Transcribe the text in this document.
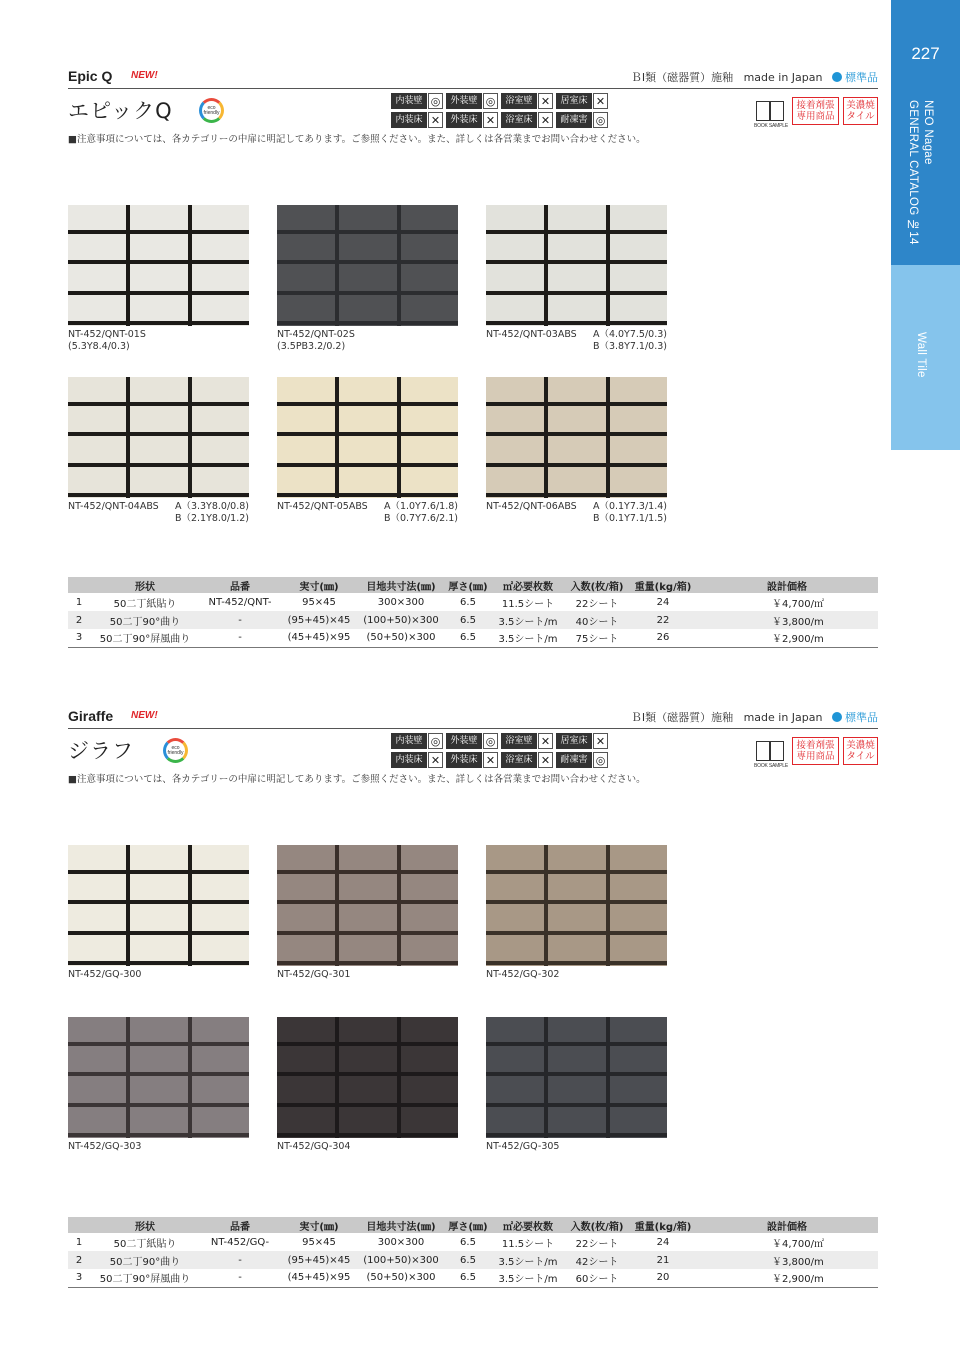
227
NEO Nagae
GENERAL CATALOG №14
Wall Tile
Epic Q NEW!	ＢⅠ類（磁器質）施釉 made in Japan 標準品
エピックQ	eco friendly
内装壁 ◎	外装壁 ◎	浴室壁 ✕	居室床 ✕
内装床 ✕	外装床 ✕	浴室床 ✕	耐凍害 ◎	BOOK SAMPLE
接着剤張
専用商品
美濃焼
タイル
■注意事項については、各カテゴリーの中扉に明記してあります。ご参照ください。また、詳しくは各営業までお問い合わせください。
NT-452/QNT-01S
(5.3Y8.4/0.3)
NT-452/QNT-02S
(3.5PB3.2/0.2)
NT-452/QNT-03ABS A（4.0Y7.5/0.3)
B（3.8Y7.1/0.3)
NT-452/QNT-04ABS A（3.3Y8.0/0.8)
B（2.1Y8.0/1.2)
NT-452/QNT-05ABS A（1.0Y7.6/1.8)
B（0.7Y7.6/2.1)
NT-452/QNT-06ABS A（0.1Y7.3/1.4)
B（0.1Y7.1/1.5)
	形状	品番	実寸(㎜)	目地共寸法(㎜)	厚さ(㎜)	㎡必要枚数	入数(枚/箱)	重量(kg/箱)	設計価格
1	50二丁紙貼り	NT-452/QNT-	95×45	300×300	6.5	11.5シート	22シート	24	￥4,700/㎡
2	50二丁90°曲り	-	(95+45)×45	(100+50)×300	6.5	3.5シート/m	40シート	22	￥3,800/m
3	50二丁90°屏風曲り	-	(45+45)×95	(50+50)×300	6.5	3.5シート/m	75シート	26	￥2,900/m
Giraffe NEW!	ＢⅠ類（磁器質）施釉 made in Japan 標準品
ジラフ	eco friendly
内装壁 ◎	外装壁 ◎	浴室壁 ✕	居室床 ✕
内装床 ✕	外装床 ✕	浴室床 ✕	耐凍害 ◎	BOOK SAMPLE
接着剤張
専用商品
美濃焼
タイル
■注意事項については、各カテゴリーの中扉に明記してあります。ご参照ください。また、詳しくは各営業までお問い合わせください。
NT-452/GQ-300	NT-452/GQ-301	NT-452/GQ-302
NT-452/GQ-303	NT-452/GQ-304	NT-452/GQ-305
	形状	品番	実寸(㎜)	目地共寸法(㎜)	厚さ(㎜)	㎡必要枚数	入数(枚/箱)	重量(kg/箱)	設計価格
1	50二丁紙貼り	NT-452/GQ-	95×45	300×300	6.5	11.5シート	22シート	24	￥4,700/㎡
2	50二丁90°曲り	-	(95+45)×45	(100+50)×300	6.5	3.5シート/m	42シート	21	￥3,800/m
3	50二丁90°屏風曲り	-	(45+45)×95	(50+50)×300	6.5	3.5シート/m	60シート	20	￥2,900/m
